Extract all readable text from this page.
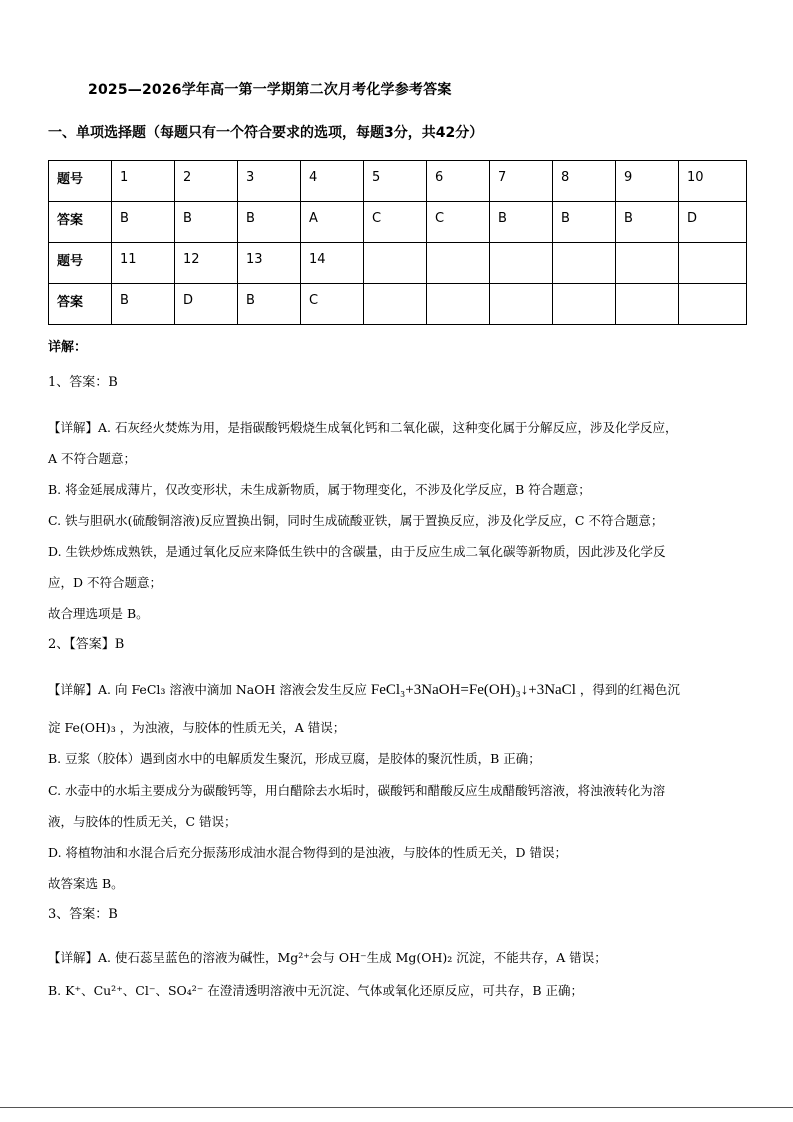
2025—2026学年高一第一学期第二次月考化学参考答案
一、单项选择题（每题只有一个符合要求的选项，每题3分，共42分）
题号	1	2	3	4	5	6	7	8	9	10
答案	B	B	B	A	C	C	B	B	B	D
题号	11	12	13	14						
答案	B	D	B	C						
详解：
1、答案：B
【详解】A. 石灰经火焚炼为用，是指碳酸钙煅烧生成氧化钙和二氧化碳，这种变化属于分解反应，涉及化学反应，
A 不符合题意；
B. 将金延展成薄片，仅改变形状，未生成新物质，属于物理变化，不涉及化学反应，B 符合题意；
C. 铁与胆矾水(硫酸铜溶液)反应置换出铜，同时生成硫酸亚铁，属于置换反应，涉及化学反应，C 不符合题意；
D. 生铁炒炼成熟铁，是通过氧化反应来降低生铁中的含碳量，由于反应生成二氧化碳等新物质，因此涉及化学反
应，D 不符合题意；
故合理选项是 B。
2、【答案】B
【详解】A. 向 FeCl₃ 溶液中滴加 NaOH 溶液会发生反应 FeCl₃+3NaOH=Fe(OH)₃↓+3NaCl ，得到的红褐色沉
淀 Fe(OH)₃ ，为浊液，与胶体的性质无关，A 错误；
B. 豆浆（胶体）遇到卤水中的电解质发生聚沉，形成豆腐，是胶体的聚沉性质，B 正确；
C. 水壶中的水垢主要成分为碳酸钙等，用白醋除去水垢时，碳酸钙和醋酸反应生成醋酸钙溶液，将浊液转化为溶
液，与胶体的性质无关，C 错误；
D. 将植物油和水混合后充分振荡形成油水混合物得到的是浊液，与胶体的性质无关，D 错误；
故答案选 B。
3、答案：B
【详解】A. 使石蕊呈蓝色的溶液为碱性，Mg²⁺会与 OH⁻生成 Mg(OH)₂ 沉淀，不能共存，A 错误；
B. K⁺、Cu²⁺、Cl⁻、SO₄²⁻ 在澄清透明溶液中无沉淀、气体或氧化还原反应，可共存，B 正确；
